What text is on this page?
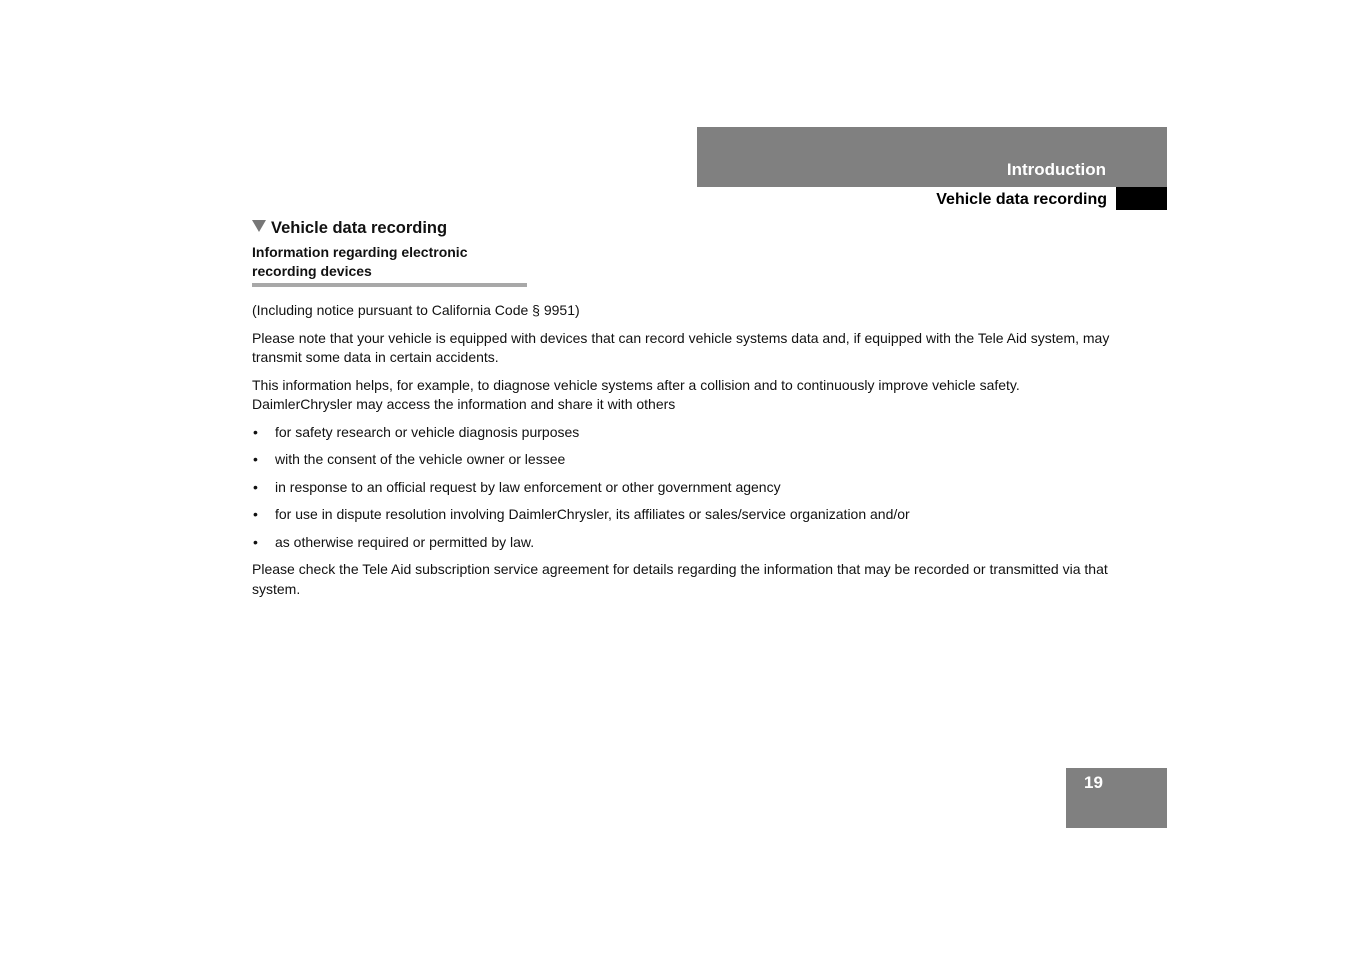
Introduction
Vehicle data recording
Vehicle data recording
Information regarding electronic
recording devices

(Including notice pursuant to California Code § 9951)

Please note that your vehicle is equipped with devices that can record vehicle systems data and, if equipped with the Tele Aid system, may transmit some data in certain accidents.

This information helps, for example, to diagnose vehicle systems after a collision and to continuously improve vehicle safety. DaimlerChrysler may access the information and share it with others

• for safety research or vehicle diagnosis purposes
• with the consent of the vehicle owner or lessee
• in response to an official request by law enforcement or other government agency
• for use in dispute resolution involving DaimlerChrysler, its affiliates or sales/service organization and/or
• as otherwise required or permitted by law.

Please check the Tele Aid subscription service agreement for details regarding the information that may be recorded or transmitted via that system.

19
